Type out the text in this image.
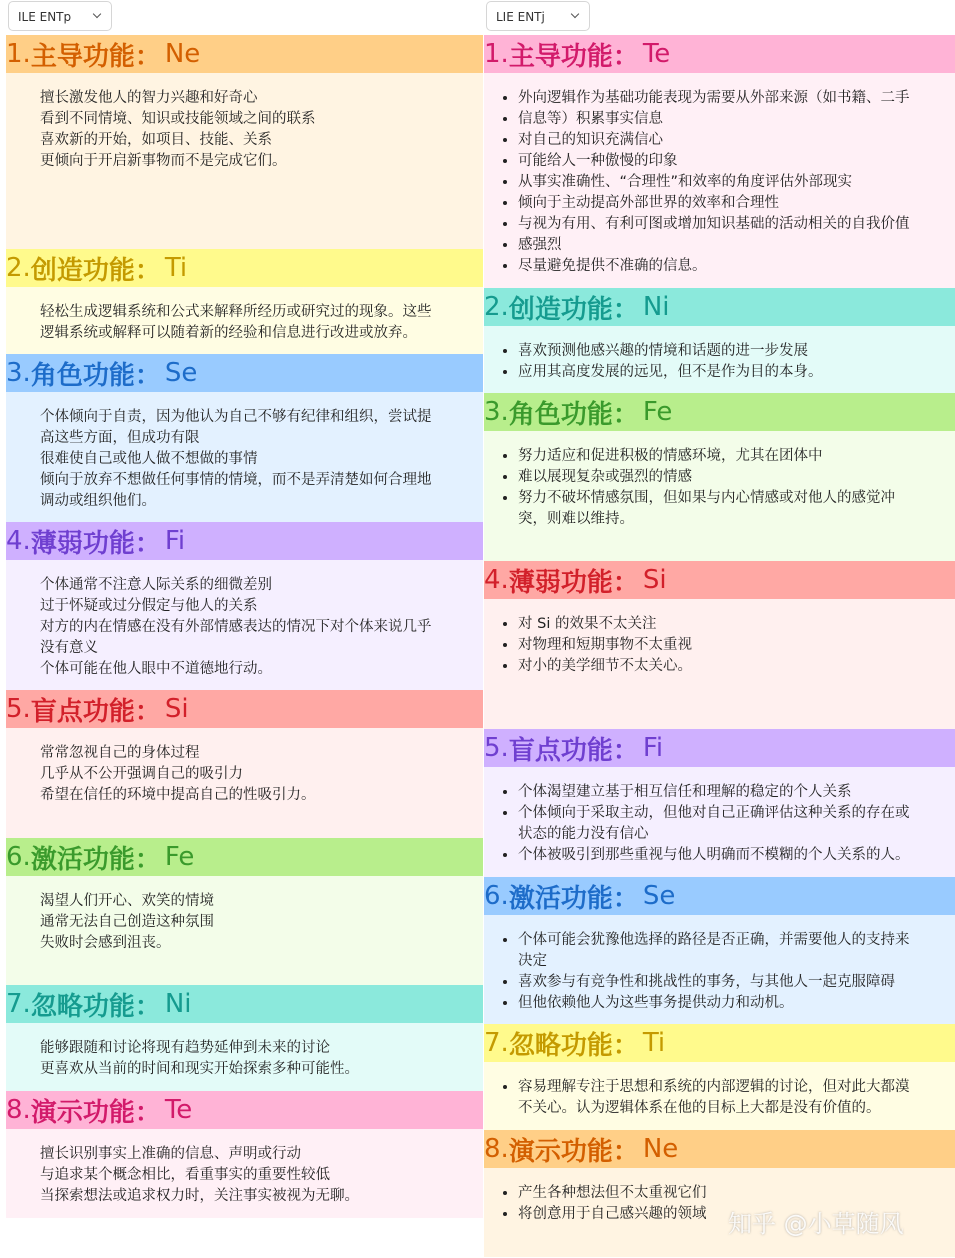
ILE ENTp
1. 主导功能： Ne
• 擅长激发他人的智力兴趣和好奇心
• 看到不同情境、知识或技能领域之间的联系
• 喜欢新的开始，如项目、技能、关系
• 更倾向于开启新事物而不是完成它们。
2. 创造功能： Ti
• 轻松生成逻辑系统和公式来解释所经历或研究过的现象。这些
• 逻辑系统或解释可以随着新的经验和信息进行改进或放弃。
3. 角色功能： Se
• 个体倾向于自责，因为他认为自己不够有纪律和组织，尝试提
• 高这些方面，但成功有限
• 很难使自己或他人做不想做的事情
• 倾向于放弃不想做任何事情的情境，而不是弄清楚如何合理地
• 调动或组织他们。
4. 薄弱功能： Fi
• 个体通常不注意人际关系的细微差别
• 过于怀疑或过分假定与他人的关系
• 对方的内在情感在没有外部情感表达的情况下对个体来说几乎
• 没有意义
• 个体可能在他人眼中不道德地行动。
5. 盲点功能： Si
• 常常忽视自己的身体过程
• 几乎从不公开强调自己的吸引力
• 希望在信任的环境中提高自己的性吸引力。
6. 激活功能： Fe
• 渴望人们开心、欢笑的情境
• 通常无法自己创造这种氛围
• 失败时会感到沮丧。
7. 忽略功能： Ni
• 能够跟随和讨论将现有趋势延伸到未来的讨论
• 更喜欢从当前的时间和现实开始探索多种可能性。
8. 演示功能： Te
• 擅长识别事实上准确的信息、声明或行动
• 与追求某个概念相比，看重事实的重要性较低
• 当探索想法或追求权力时，关注事实被视为无聊。
LIE ENTj
1. 主导功能： Te
• 外向逻辑作为基础功能表现为需要从外部来源（如书籍、二手
• 信息等）积累事实信息
• 对自己的知识充满信心
• 可能给人一种傲慢的印象
• 从事实准确性、“合理性”和效率的角度评估外部现实
• 倾向于主动提高外部世界的效率和合理性
• 与视为有用、有利可图或增加知识基础的活动相关的自我价值
• 感强烈
• 尽量避免提供不准确的信息。
2. 创造功能： Ni
• 喜欢预测他感兴趣的情境和话题的进一步发展
• 应用其高度发展的远见，但不是作为目的本身。
3. 角色功能： Fe
• 努力适应和促进积极的情感环境，尤其在团体中
• 难以展现复杂或强烈的情感
• 努力不破坏情感氛围，但如果与内心情感或对他人的感觉冲
突，则难以维持。
4. 薄弱功能： Si
• 对 Si 的效果不太关注
• 对物理和短期事物不太重视
• 对小的美学细节不太关心。
5. 盲点功能： Fi
• 个体渴望建立基于相互信任和理解的稳定的个人关系
• 个体倾向于采取主动，但他对自己正确评估这种关系的存在或
状态的能力没有信心
• 个体被吸引到那些重视与他人明确而不模糊的个人关系的人。
6. 激活功能： Se
• 个体可能会犹豫他选择的路径是否正确，并需要他人的支持来
决定
• 喜欢参与有竞争性和挑战性的事务，与其他人一起克服障碍
• 但他依赖他人为这些事务提供动力和动机。
7. 忽略功能： Ti
• 容易理解专注于思想和系统的内部逻辑的讨论，但对此大都漠
不关心。认为逻辑体系在他的目标上大都是没有价值的。
8. 演示功能： Ne
• 产生各种想法但不太重视它们
• 将创意用于自己感兴趣的领域 知乎 @小草随风
